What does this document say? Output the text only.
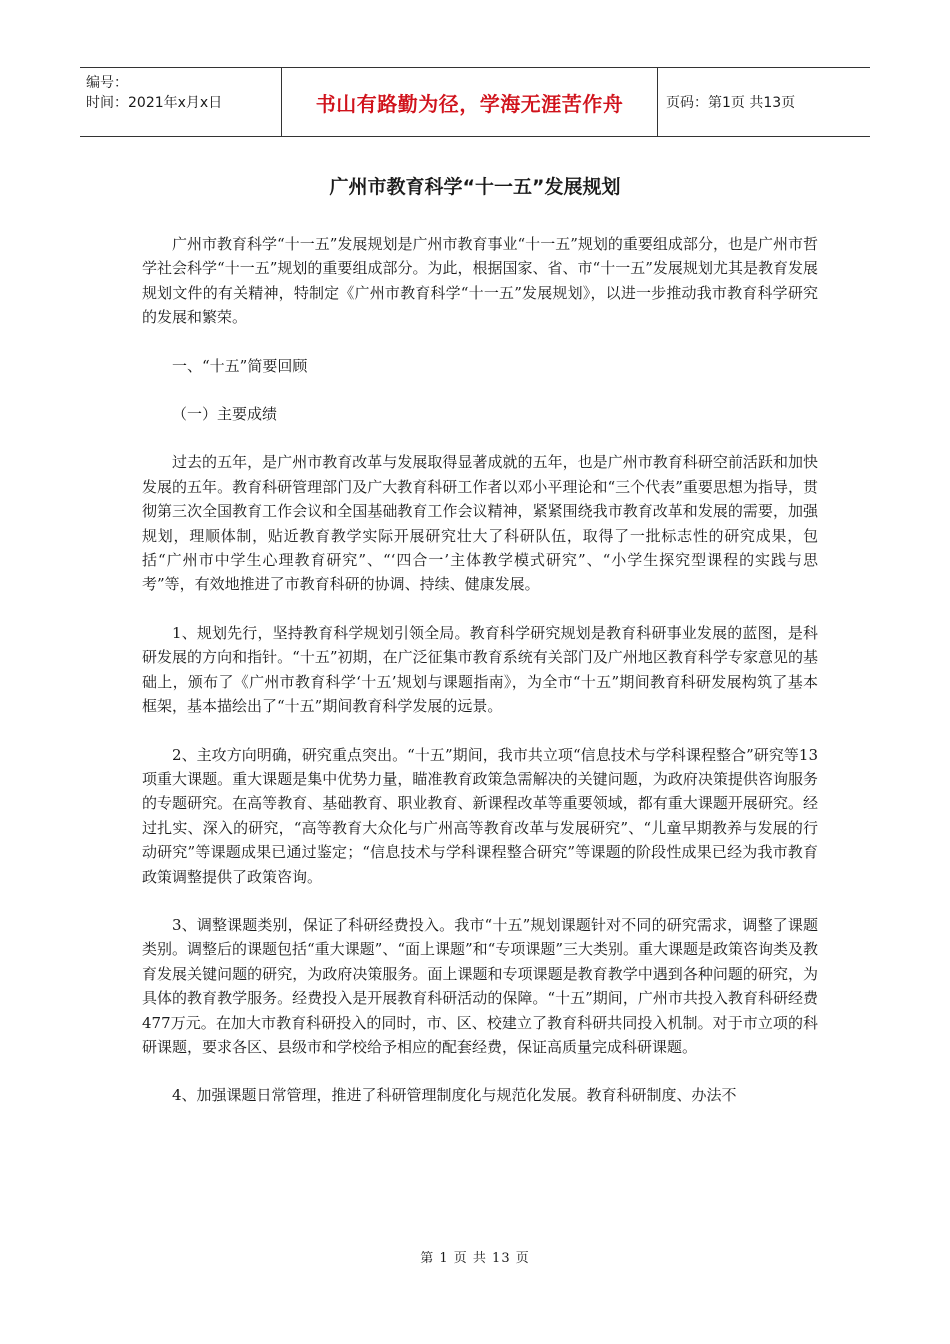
编号：
时间：2021年x月x日	书山有路勤为径，学海无涯苦作舟	页码：第1页 共13页
广州市教育科学“十一五”发展规划

广州市教育科学“十一五”发展规划是广州市教育事业“十一五”规划的重要组成部分，也是广州市哲学社会科学“十一五”规划的重要组成部分。为此，根据国家、省、市“十一五”发展规划尤其是教育发展规划文件的有关精神，特制定《广州市教育科学“十一五”发展规划》，以进一步推动我市教育科学研究的发展和繁荣。

一、“十五”简要回顾

（一）主要成绩

过去的五年，是广州市教育改革与发展取得显著成就的五年，也是广州市教育科研空前活跃和加快发展的五年。教育科研管理部门及广大教育科研工作者以邓小平理论和“三个代表”重要思想为指导，贯彻第三次全国教育工作会议和全国基础教育工作会议精神，紧紧围绕我市教育改革和发展的需要，加强规划，理顺体制，贴近教育教学实际开展研究壮大了科研队伍，取得了一批标志性的研究成果，包括“广州市中学生心理教育研究”、“‘四合一’主体教学模式研究”、“小学生探究型课程的实践与思考”等，有效地推进了市教育科研的协调、持续、健康发展。

1、规划先行，坚持教育科学规划引领全局。教育科学研究规划是教育科研事业发展的蓝图，是科研发展的方向和指针。“十五”初期，在广泛征集市教育系统有关部门及广州地区教育科学专家意见的基础上，颁布了《广州市教育科学‘十五’规划与课题指南》，为全市“十五”期间教育科研发展构筑了基本框架，基本描绘出了“十五”期间教育科学发展的远景。

2、主攻方向明确，研究重点突出。“十五”期间，我市共立项“信息技术与学科课程整合”研究等13项重大课题。重大课题是集中优势力量，瞄准教育政策急需解决的关键问题，为政府决策提供咨询服务的专题研究。在高等教育、基础教育、职业教育、新课程改革等重要领域，都有重大课题开展研究。经过扎实、深入的研究，“高等教育大众化与广州高等教育改革与发展研究”、“儿童早期教养与发展的行动研究”等课题成果已通过鉴定；“信息技术与学科课程整合研究”等课题的阶段性成果已经为我市教育政策调整提供了政策咨询。

3、调整课题类别，保证了科研经费投入。我市“十五”规划课题针对不同的研究需求，调整了课题类别。调整后的课题包括“重大课题”、“面上课题”和“专项课题”三大类别。重大课题是政策咨询类及教育发展关键问题的研究，为政府决策服务。面上课题和专项课题是教育教学中遇到各种问题的研究，为具体的教育教学服务。经费投入是开展教育科研活动的保障。“十五”期间，广州市共投入教育科研经费477万元。在加大市教育科研投入的同时，市、区、校建立了教育科研共同投入机制。对于市立项的科研课题，要求各区、县级市和学校给予相应的配套经费，保证高质量完成科研课题。

4、加强课题日常管理，推进了科研管理制度化与规范化发展。教育科研制度、办法不

第 1 页 共 13 页
